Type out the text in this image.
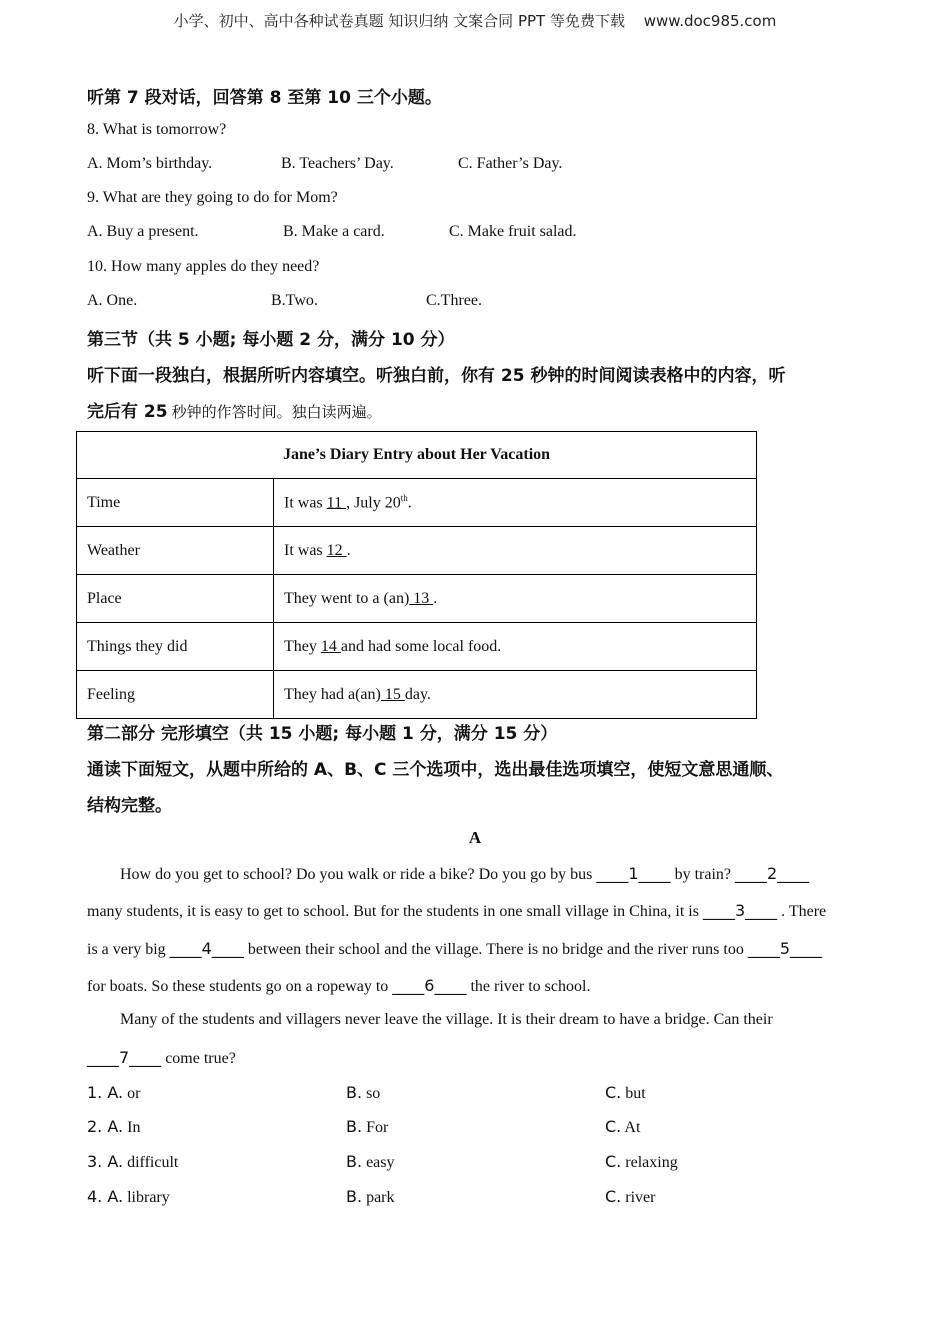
小学、初中、高中各种试卷真题 知识归纳 文案合同 PPT 等免费下载 www.doc985.com
听第 7 段对话，回答第 8 至第 10 三个小题。
8. What is tomorrow?
A. Mom’s birthday.	B. Teachers’ Day.	C. Father’s Day.
9. What are they going to do for Mom?
A. Buy a present.	B. Make a card.	C. Make fruit salad.
10. How many apples do they need?
A. One.	B.Two.	C.Three.
第三节（共 5 小题; 每小题 2 分，满分 10 分）
听下面一段独白，根据所听内容填空。听独白前，你有 25 秒钟的时间阅读表格中的内容，听
完后有 25 秒钟的作答时间。独白读两遍。
Jane’s Diary Entry about Her Vacation	
Time	It was 11 , July 20th.
Weather	It was 12 .
Place	They went to a (an) 13 .
Things they did	They 14 and had some local food.
Feeling	They had a(an) 15 day.
第二部分 完形填空（共 15 小题; 每小题 1 分，满分 15 分）
通读下面短文，从题中所给的 A、B、C 三个选项中，选出最佳选项填空，使短文意思通顺、
结构完整。
A
How do you get to school? Do you walk or ride a bike? Do you go by bus ____1____ by train? ____2____
many students, it is easy to get to school. But for the students in one small village in China, it is ____3____ . There
is a very big ____4____ between their school and the village. There is no bridge and the river runs too ____5____
for boats. So these students go on a ropeway to ____6____ the river to school.
Many of the students and villagers never leave the village. It is their dream to have a bridge. Can their
____7____ come true?
1. A. or	B. so	C. but
2. A. In	B. For	C. At
3. A. difficult	B. easy	C. relaxing
4. A. library	B. park	C. river
